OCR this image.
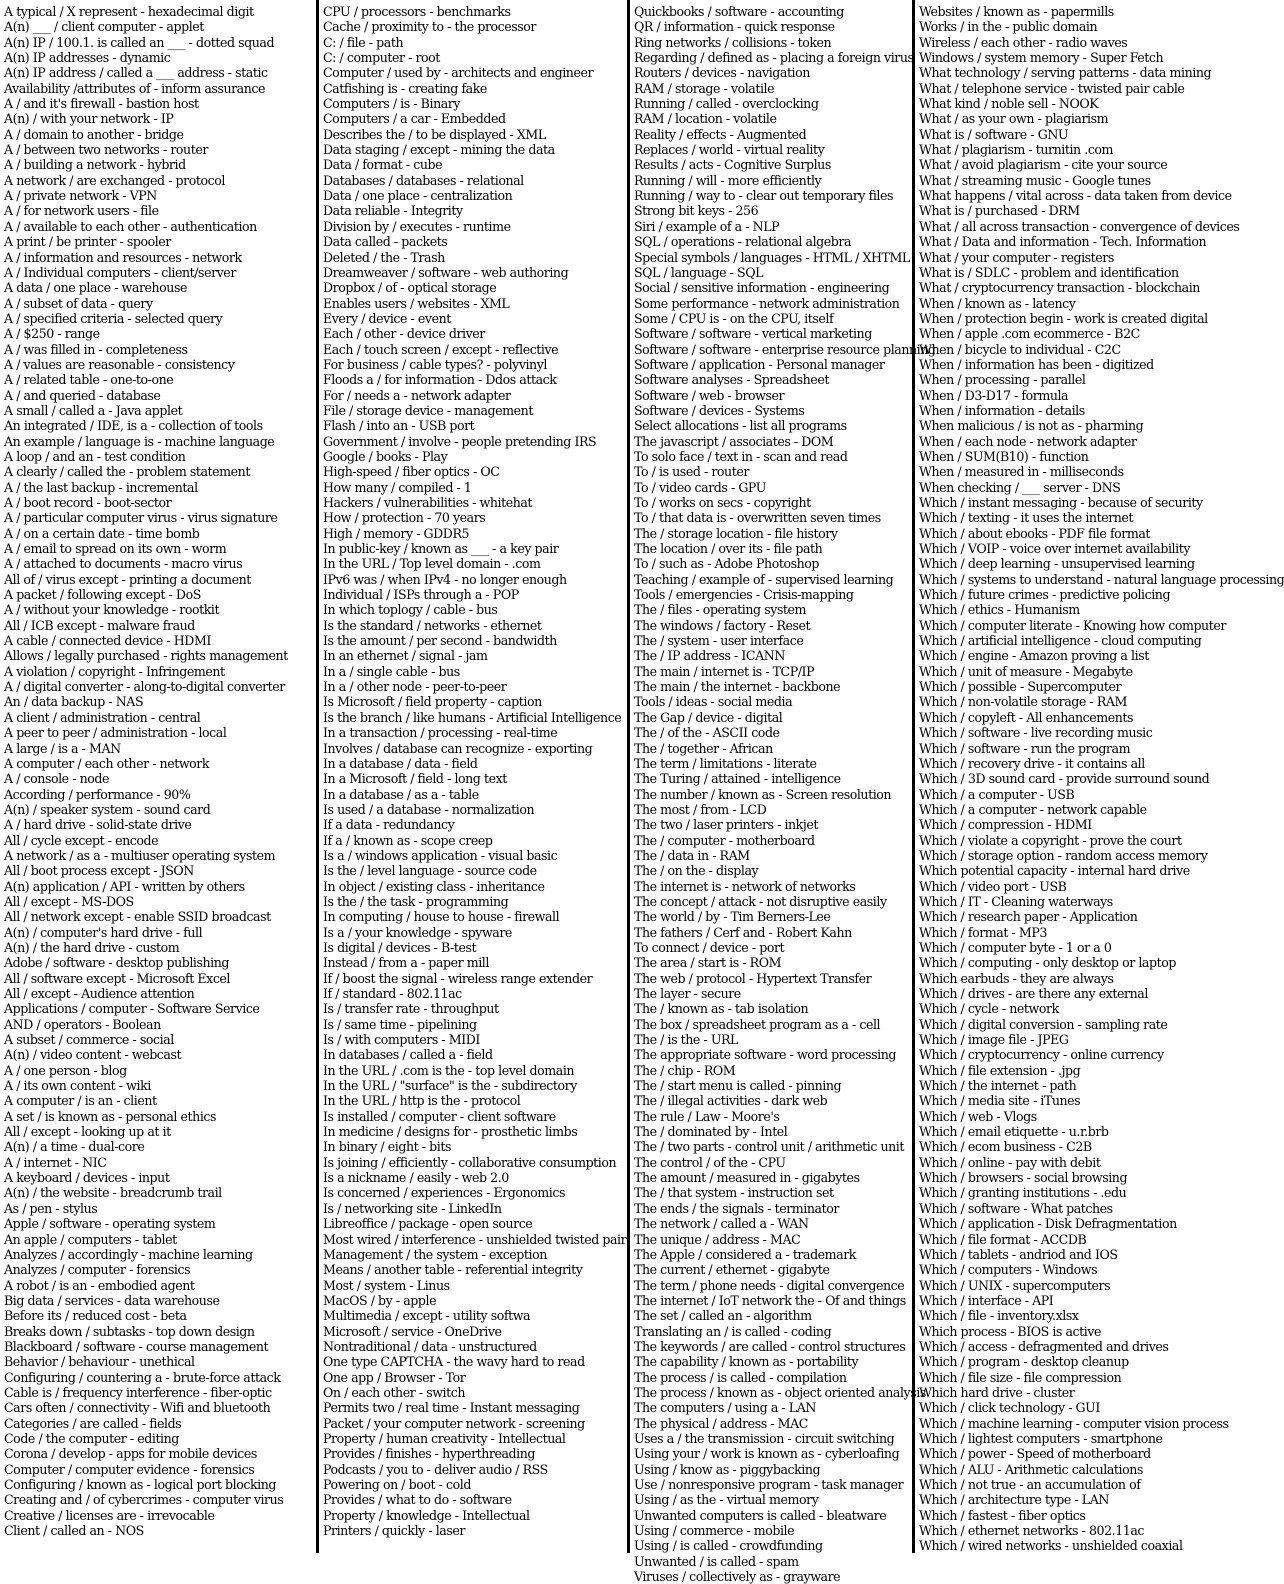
A typical / X represent - hexadecimal digit
A(n) ___ / client computer - applet
A(n) IP / 100.1. is called an ___ - dotted squad
A(n) IP addresses - dynamic
A(n) IP address / called a ___ address - static
Availability /attributes of - inform assurance
A / and it's firewall - bastion host
A(n) / with your network - IP
A / domain to another - bridge
A / between two networks - router
A / building a network - hybrid
A network / are exchanged - protocol
A / private network - VPN
A / for network users - file
A / available to each other - authentication
A print / be printer - spooler
A / information and resources - network
A / Individual computers - client/server
A data / one place - warehouse
A / subset of data - query
A / specified criteria - selected query
A / $250 - range
A / was filled in - completeness
A / values are reasonable - consistency
A / related table - one-to-one
A / and queried - database
A small / called a - Java applet
An integrated / IDE, is a - collection of tools
An example / language is - machine language
A loop / and an - test condition
A clearly / called the - problem statement
A / the last backup - incremental
A / boot record - boot-sector
A / particular computer virus - virus signature
A / on a certain date - time bomb
A / email to spread on its own - worm
A / attached to documents - macro virus
All of / virus except - printing a document
A packet / following except - DoS
A / without your knowledge - rootkit
All / ICB except - malware fraud
A cable / connected device - HDMI
Allows / legally purchased - rights management
A violation / copyright - Infringement
A / digital converter - along-to-digital converter
An / data backup - NAS
A client / administration - central
A peer to peer / administration - local
A large / is a - MAN
A computer / each other - network
A / console - node
According / performance - 90%
A(n) / speaker system - sound card
A / hard drive - solid-state drive
All / cycle except - encode
A network / as a - multiuser operating system
All / boot process except - JSON
A(n) application / API - written by others
All / except - MS-DOS
All / network except - enable SSID broadcast
A(n) / computer's hard drive - full
A(n) / the hard drive - custom
Adobe / software - desktop publishing
All / software except - Microsoft Excel
All / except - Audience attention
Applications / computer - Software Service
AND / operators - Boolean
A subset / commerce - social
A(n) / video content - webcast
A / one person - blog
A / its own content - wiki
A computer / is an - client
A set / is known as - personal ethics
All / except - looking up at it
A(n) / a time - dual-core
A / internet - NIC
A keyboard / devices - input
A(n) / the website - breadcrumb trail
As / pen - stylus
Apple / software - operating system
An apple / computers - tablet
Analyzes / accordingly - machine learning
Analyzes / computer - forensics
A robot / is an - embodied agent
Big data / services - data warehouse
Before its / reduced cost - beta
Breaks down / subtasks - top down design
Blackboard / software - course management
Behavior / behaviour - unethical
Configuring / countering a - brute-force attack
Cable is / frequency interference - fiber-optic
Cars often / connectivity - Wifi and bluetooth
Categories / are called - fields
Code / the computer - editing
Corona / develop - apps for mobile devices
Computer / computer evidence - forensics
Configuring / known as - logical port blocking
Creating and / of cybercrimes - computer virus
Creative / licenses are - irrevocable
Client / called an - NOS
CPU / processors - benchmarks
Cache / proximity to - the processor
C: / file - path
C: / computer - root
Computer / used by - architects and engineer
Catfishing is - creating fake
Computers / is - Binary
Computers / a car - Embedded
Describes the / to be displayed - XML
Data staging / except - mining the data
Data / format - cube
Databases / databases - relational
Data / one place - centralization
Data reliable - Integrity
Division by / executes - runtime
Data called - packets
Deleted / the - Trash
Dreamweaver / software - web authoring
Dropbox / of - optical storage
Enables users / websites - XML
Every / device - event
Each / other - device driver
Each / touch screen / except - reflective
For business / cable types? - polyvinyl
Floods a / for information - Ddos attack
For / needs a - network adapter
File / storage device - management
Flash / into an - USB port
Government / involve - people pretending IRS
Google / books - Play
High-speed / fiber optics - OC
How many / compiled - 1
Hackers / vulnerabilities - whitehat
How / protection - 70 years
High / memory - GDDR5
In public-key / known as ___ - a key pair
In the URL / Top level domain - .com
IPv6 was / when IPv4 - no longer enough
Individual / ISPs through a - POP
In which toplogy / cable - bus
Is the standard / networks - ethernet
Is the amount / per second - bandwidth
In an ethernet / signal - jam
In a / single cable - bus
In a / other node - peer-to-peer
Is Microsoft / field property - caption
Is the branch / like humans - Artificial Intelligence
In a transaction / processing - real-time
Involves / database can recognize - exporting
In a database / data - field
In a Microsoft / field - long text
In a database / as a - table
Is used / a database - normalization
If a data - redundancy
If a / known as - scope creep
Is a / windows application - visual basic
Is the / level language - source code
In object / existing class - inheritance
Is the / the task - programming
In computing / house to house - firewall
Is a / your knowledge - spyware
Is digital / devices - B-test
Instead / from a - paper mill
If / boost the signal - wireless range extender
If / standard - 802.11ac
Is / transfer rate - throughput
Is / same time - pipelining
Is / with computers - MIDI
In databases / called a - field
In the URL / .com is the - top level domain
In the URL / "surface" is the - subdirectory
In the URL / http is the - protocol
Is installed / computer - client software
In medicine / designs for - prosthetic limbs
In binary / eight - bits
Is joining / efficiently - collaborative consumption
Is a nickname / easily - web 2.0
Is concerned / experiences - Ergonomics
Is / networking site - LinkedIn
Libreoffice / package - open source
Most wired / interference - unshielded twisted pair
Management / the system - exception
Means / another table - referential integrity
Most / system - Linus
MacOS / by - apple
Multimedia / except - utility softwa
Microsoft / service - OneDrive
Nontraditional / data - unstructured
One type CAPTCHA - the wavy hard to read
One app / Browser - Tor
On / each other - switch
Permits two / real time - Instant messaging
Packet / your computer network - screening
Property / human creativity - Intellectual
Provides / finishes - hyperthreading
Podcasts / you to - deliver audio / RSS
Powering on / boot - cold
Provides / what to do - software
Property / knowledge - Intellectual
Printers / quickly - laser
Quickbooks / software - accounting
QR / information - quick response
Ring networks / collisions - token
Regarding / defined as - placing a foreign virus
Routers / devices - navigation
RAM / storage - volatile
Running / called - overclocking
RAM / location - volatile
Reality / effects - Augmented
Replaces / world - virtual reality
Results / acts - Cognitive Surplus
Running / will - more efficiently
Running / way to - clear out temporary files
Strong bit keys - 256
Siri / example of a - NLP
SQL / operations - relational algebra
Special symbols / languages - HTML / XHTML
SQL / language - SQL
Social / sensitive information - engineering
Some performance - network administration
Some / CPU is - on the CPU, itself
Software / software - vertical marketing
Software / software - enterprise resource planning
Software / application - Personal manager
Software analyses - Spreadsheet
Software / web - browser
Software / devices - Systems
Select allocations - list all programs
The javascript / associates - DOM
To solo face / text in - scan and read
To / is used - router
To / video cards - GPU
To / works on secs - copyright
To / that data is - overwritten seven times
The / storage location - file history
The location / over its - file path
To / such as - Adobe Photoshop
Teaching / example of - supervised learning
Tools / emergencies - Crisis-mapping
The / files - operating system
The windows / factory - Reset
The / system - user interface
The / IP address - ICANN
The main / internet is - TCP/IP
The main / the internet - backbone
Tools / ideas - social media
The Gap / device - digital
The / of the - ASCII code
The / together - African
The term / limitations - literate
The Turing / attained - intelligence
The number / known as - Screen resolution
The most / from - LCD
The two / laser printers - inkjet
The / computer - motherboard
The / data in - RAM
The / on the - display
The internet is - network of networks
The concept / attack - not disruptive easily
The world / by - Tim Berners-Lee
The fathers / Cerf and - Robert Kahn
To connect / device - port
The area / start is - ROM
The web / protocol - Hypertext Transfer
The layer - secure
The / known as - tab isolation
The box / spreadsheet program as a - cell
The / is the - URL
The appropriate software - word processing
The / chip - ROM
The / start menu is called - pinning
The / illegal activities - dark web
The rule / Law - Moore's
The / dominated by - Intel
The / two parts - control unit / arithmetic unit
The control / of the - CPU
The amount / measured in - gigabytes
The / that system - instruction set
The ends / the signals - terminator
The network / called a - WAN
The unique / address - MAC
The Apple / considered a - trademark
The current / ethernet - gigabyte
The term / phone needs - digital convergence
The internet / IoT network the - Of and things
The set / called an - algorithm
Translating an / is called - coding
The keywords / are called - control structures
The capability / known as - portability
The process / is called - compilation
The process / known as - object oriented analysis
The computers / using a - LAN
The physical / address - MAC
Uses a / the transmission - circuit switching
Using your / work is known as - cyberloafing
Using / know as - piggybacking
Use / nonresponsive program - task manager
Using / as the - virtual memory
Unwanted computers is called - bleatware
Using / commerce - mobile
Using / is called - crowdfunding
Unwanted / is called - spam
Viruses / collectively as - grayware
Websites / known as - papermills
Works / in the - public domain
Wireless / each other - radio waves
Windows / system memory - Super Fetch
What technology / serving patterns - data mining
What / telephone service - twisted pair cable
What kind / noble sell - NOOK
What / as your own - plagiarism
What is / software - GNU
What / plagiarism - turnitin .com
What / avoid plagiarism - cite your source
What / streaming music - Google tunes
What happens / vital across - data taken from device
What is / purchased - DRM
What / all across transaction - convergence of devices
What / Data and information - Tech. Information
What / your computer - registers
What is / SDLC - problem and identification
What / cryptocurrency transaction - blockchain
When / known as - latency
When / protection begin - work is created digital
When / apple .com ecommerce - B2C
When / bicycle to individual - C2C
When / information has been - digitized
When / processing - parallel
When / D3-D17 - formula
When / information - details
When malicious / is not as - pharming
When / each node - network adapter
When / SUM(B10) - function
When / measured in - milliseconds
When checking / ___ server - DNS
Which / instant messaging - because of security
Which / texting - it uses the internet
Which / about ebooks - PDF file format
Which / VOIP - voice over internet availability
Which / deep learning - unsupervised learning
Which / systems to understand - natural language processing
Which / future crimes - predictive policing
Which / ethics - Humanism
Which / computer literate - Knowing how computer
Which / artificial intelligence - cloud computing
Which / engine - Amazon proving a list
Which / unit of measure - Megabyte
Which / possible - Supercomputer
Which / non-volatile storage - RAM
Which / copyleft - All enhancements
Which / software - live recording music
Which / software - run the program
Which / recovery drive - it contains all
Which / 3D sound card - provide surround sound
Which / a computer - USB
Which / a computer - network capable
Which / compression - HDMI
Which / violate a copyright - prove the court
Which / storage option - random access memory
Which potential capacity - internal hard drive
Which / video port - USB
Which / IT - Cleaning waterways
Which / research paper - Application
Which / format - MP3
Which / computer byte - 1 or a 0
Which / computing - only desktop or laptop
Which earbuds - they are always
Which / drives - are there any external
Which / cycle - network
Which / digital conversion - sampling rate
Which / image file - JPEG
Which / cryptocurrency - online currency
Which / file extension - .jpg
Which / the internet - path
Which / media site - iTunes
Which / web - Vlogs
Which / email etiquette - u.r.brb
Which / ecom business - C2B
Which / online - pay with debit
Which / browsers - social browsing
Which / granting institutions - .edu
Which / software - What patches
Which / application - Disk Defragmentation
Which / file format - ACCDB
Which / tablets - andriod and IOS
Which / computers - Windows
Which / UNIX - supercomputers
Which / interface - API
Which / file - inventory.xlsx
Which process - BIOS is active
Which / access - defragmented and drives
Which / program - desktop cleanup
Which / file size - file compression
Which hard drive - cluster
Which / click technology - GUI
Which / machine learning - computer vision process
Which / lightest computers - smartphone
Which / power - Speed of motherboard
Which / ALU - Arithmetic calculations
Which / not true - an accumulation of
Which / architecture type - LAN
Which / fastest - fiber optics
Which / ethernet networks - 802.11ac
Which / wired networks - unshielded coaxial
